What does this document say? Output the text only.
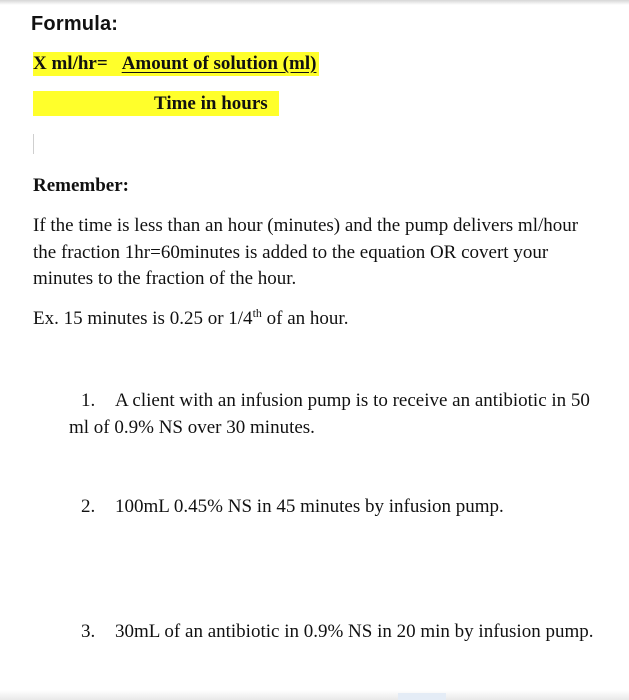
Formula:
X ml/hr= Amount of solution (ml)
Time in hours
Remember:
If the time is less than an hour (minutes) and the pump delivers ml/hour the fraction 1hr=60minutes is added to the equation OR covert your minutes to the fraction of the hour.
Ex. 15 minutes is 0.25 or 1/4th of an hour.
1. A client with an infusion pump is to receive an antibiotic in 50 ml of 0.9% NS over 30 minutes.
2. 100mL 0.45% NS in 45 minutes by infusion pump.
3. 30mL of an antibiotic in 0.9% NS in 20 min by infusion pump.
